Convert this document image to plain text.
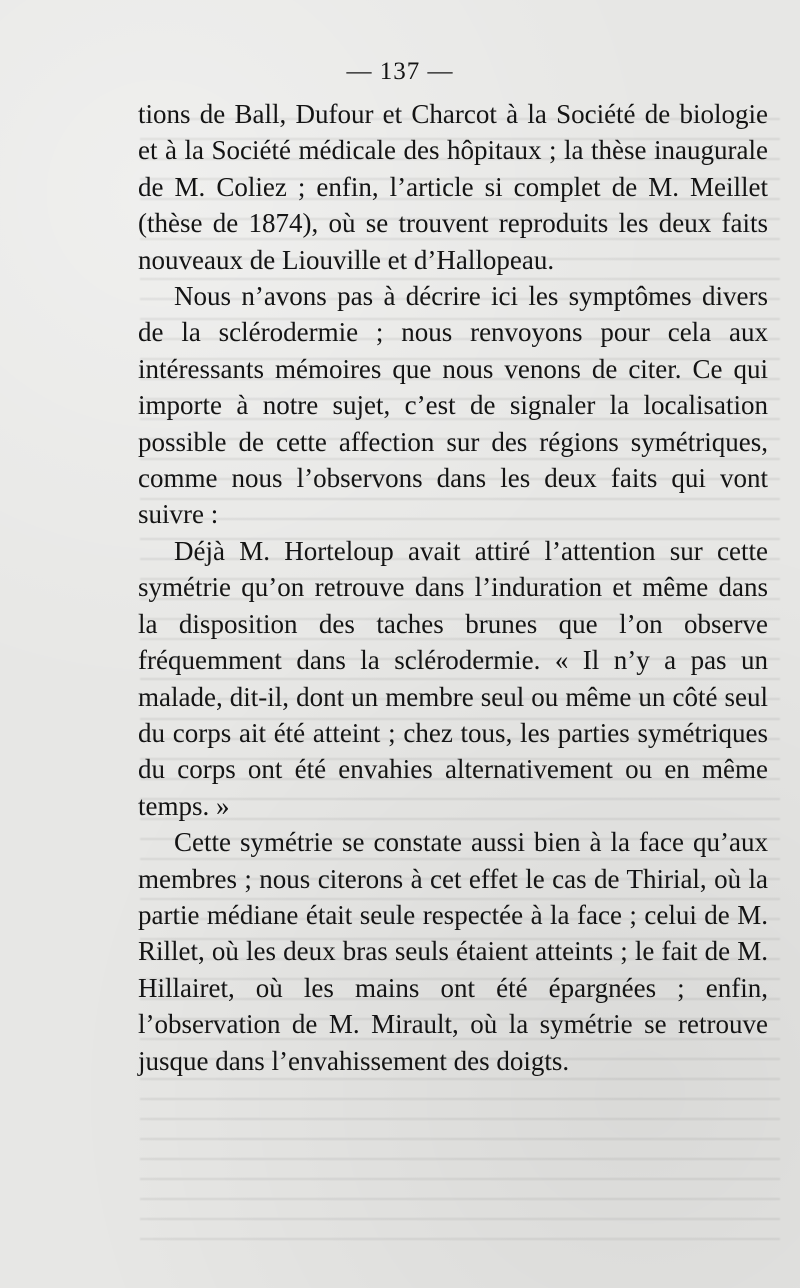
— 137 —

tions de Ball, Dufour et Charcot à la Société de biologie et à la Société médicale des hôpitaux ; la thèse inaugurale de M. Coliez ; enfin, l’article si complet de M. Meillet (thèse de 1874), où se trouvent reproduits les deux faits nouveaux de Liouville et d’Hallopeau.

Nous n’avons pas à décrire ici les symptômes divers de la sclérodermie ; nous renvoyons pour cela aux intéressants mémoires que nous venons de citer. Ce qui importe à notre sujet, c’est de signaler la localisation possible de cette affection sur des régions symétriques, comme nous l’observons dans les deux faits qui vont suivre :

Déjà M. Horteloup avait attiré l’attention sur cette symétrie qu’on retrouve dans l’induration et même dans la disposition des taches brunes que l’on observe fréquemment dans la sclérodermie. « Il n’y a pas un malade, dit-il, dont un membre seul ou même un côté seul du corps ait été atteint ; chez tous, les parties symétriques du corps ont été envahies alternativement ou en même temps. »

Cette symétrie se constate aussi bien à la face qu’aux membres ; nous citerons à cet effet le cas de Thirial, où la partie médiane était seule respectée à la face ; celui de M. Rillet, où les deux bras seuls étaient atteints ; le fait de M. Hillairet, où les mains ont été épargnées ; enfin, l’observation de M. Mirault, où la symétrie se retrouve jusque dans l’envahissement des doigts.
